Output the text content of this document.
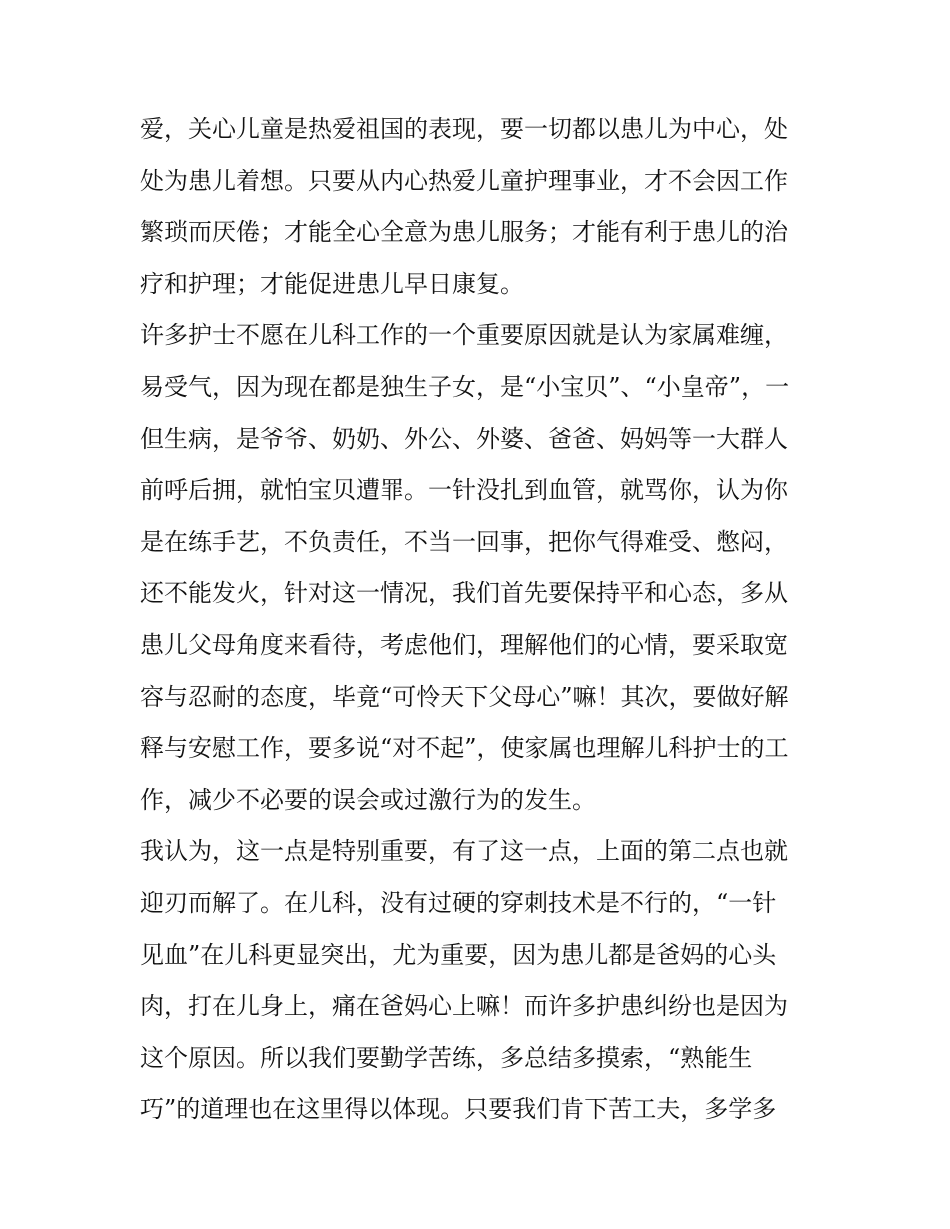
爱，关心儿童是热爱祖国的表现，要一切都以患儿为中心，处
处为患儿着想。只要从内心热爱儿童护理事业，才不会因工作
繁琐而厌倦；才能全心全意为患儿服务；才能有利于患儿的治
疗和护理；才能促进患儿早日康复。
许多护士不愿在儿科工作的一个重要原因就是认为家属难缠，
易受气，因为现在都是独生子女，是“小宝贝”、“小皇帝”，一
但生病，是爷爷、奶奶、外公、外婆、爸爸、妈妈等一大群人
前呼后拥，就怕宝贝遭罪。一针没扎到血管，就骂你，认为你
是在练手艺，不负责任，不当一回事，把你气得难受、憋闷，
还不能发火，针对这一情况，我们首先要保持平和心态，多从
患儿父母角度来看待，考虑他们，理解他们的心情，要采取宽
容与忍耐的态度，毕竟“可怜天下父母心”嘛！其次，要做好解
释与安慰工作，要多说“对不起”，使家属也理解儿科护士的工
作，减少不必要的误会或过激行为的发生。
我认为，这一点是特别重要，有了这一点，上面的第二点也就
迎刃而解了。在儿科，没有过硬的穿刺技术是不行的，“一针
见血”在儿科更显突出，尤为重要，因为患儿都是爸妈的心头
肉，打在儿身上，痛在爸妈心上嘛！而许多护患纠纷也是因为
这个原因。所以我们要勤学苦练，多总结多摸索，“熟能生
巧”的道理也在这里得以体现。只要我们肯下苦工夫，多学多
